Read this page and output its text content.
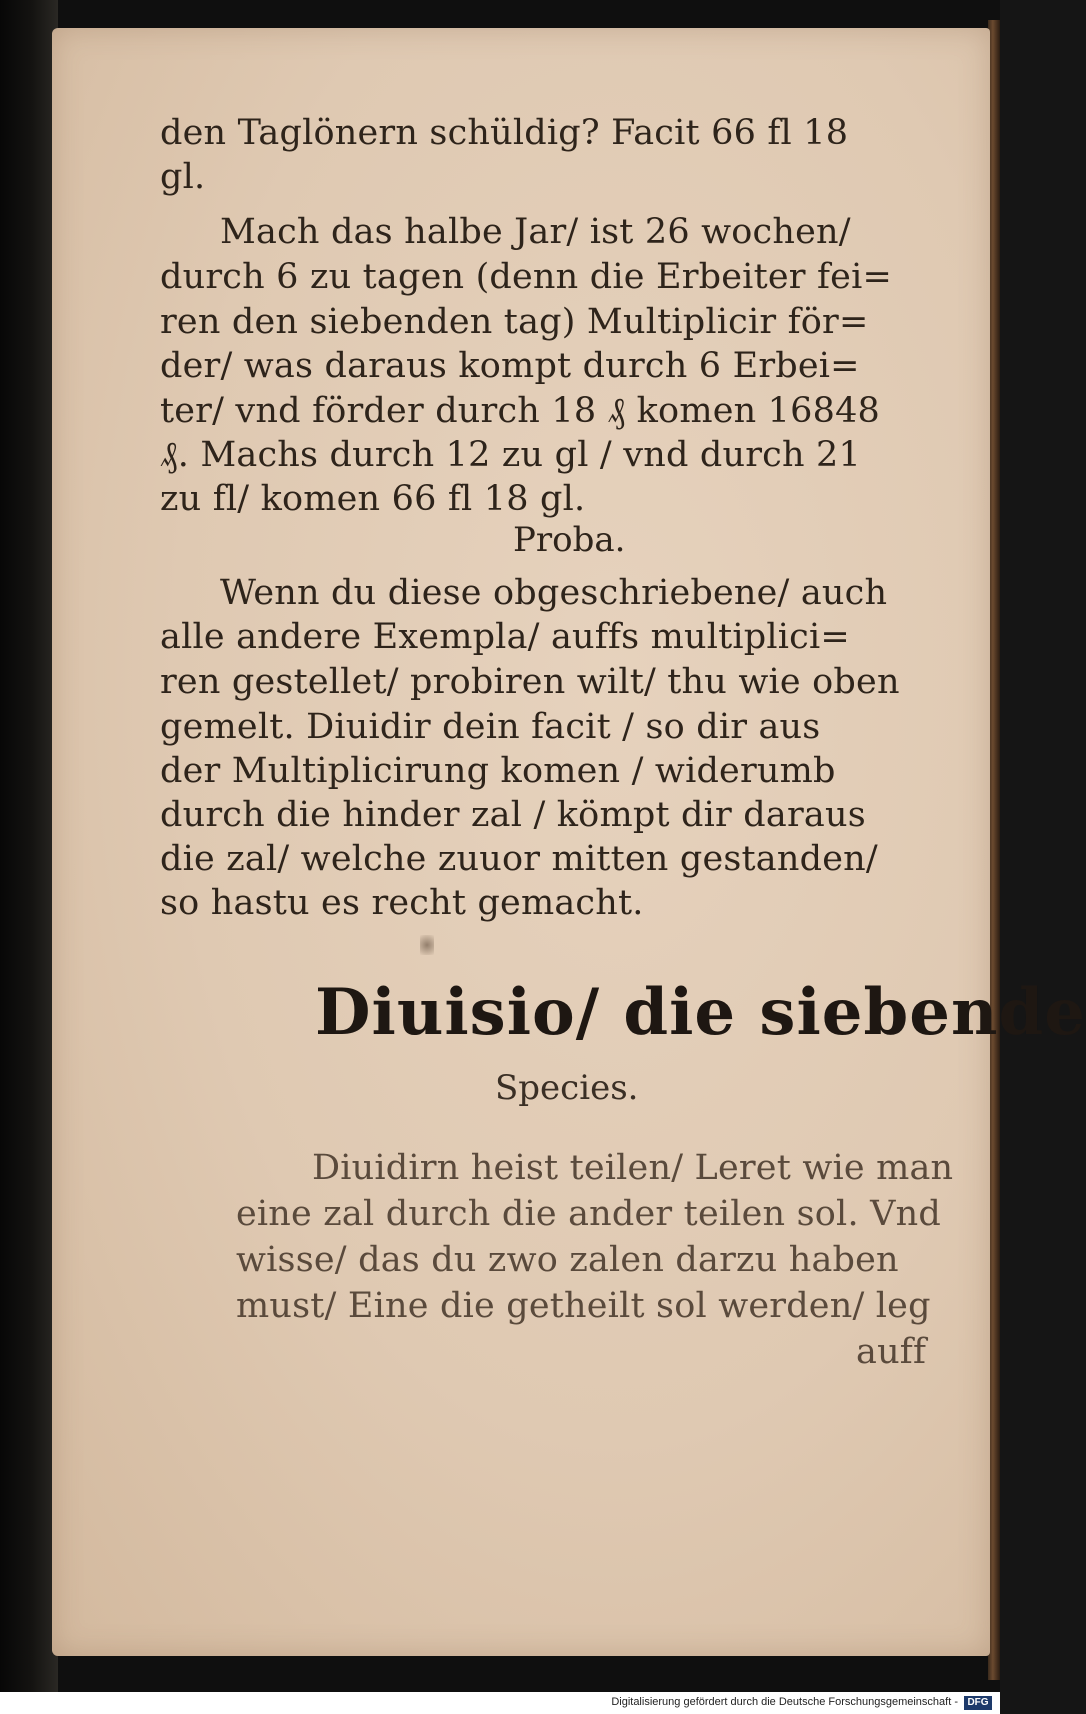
den Taglönern schüldig? Facit 66 fl 18
gl.
Mach das halbe Jar/ ist 26 wochen/
durch 6 zu tagen (denn die Erbeiter fei=
ren den siebenden tag) Multiplicir för=
der/ was daraus kompt durch 6 Erbei=
ter/ vnd förder durch 18 ₰ komen 16848
₰. Machs durch 12 zu gl / vnd durch 21
zu fl/ komen 66 fl 18 gl.
Proba.
Wenn du diese obgeschriebene/ auch
alle andere Exempla/ auffs multiplici=
ren gestellet/ probiren wilt/ thu wie oben
gemelt. Diuidir dein facit / so dir aus
der Multiplicirung komen / widerumb
durch die hinder zal / kömpt dir daraus
die zal/ welche zuuor mitten gestanden/
so hastu es recht gemacht.
Diuisio/ die siebende
Species.
Diuidirn heist teilen/ Leret wie man
eine zal durch die ander teilen sol. Vnd
wisse/ das du zwo zalen darzu haben
must/ Eine die getheilt sol werden/ leg
auff
Digitalisierung gefördert durch die Deutsche Forschungsgemeinschaft - DFG
